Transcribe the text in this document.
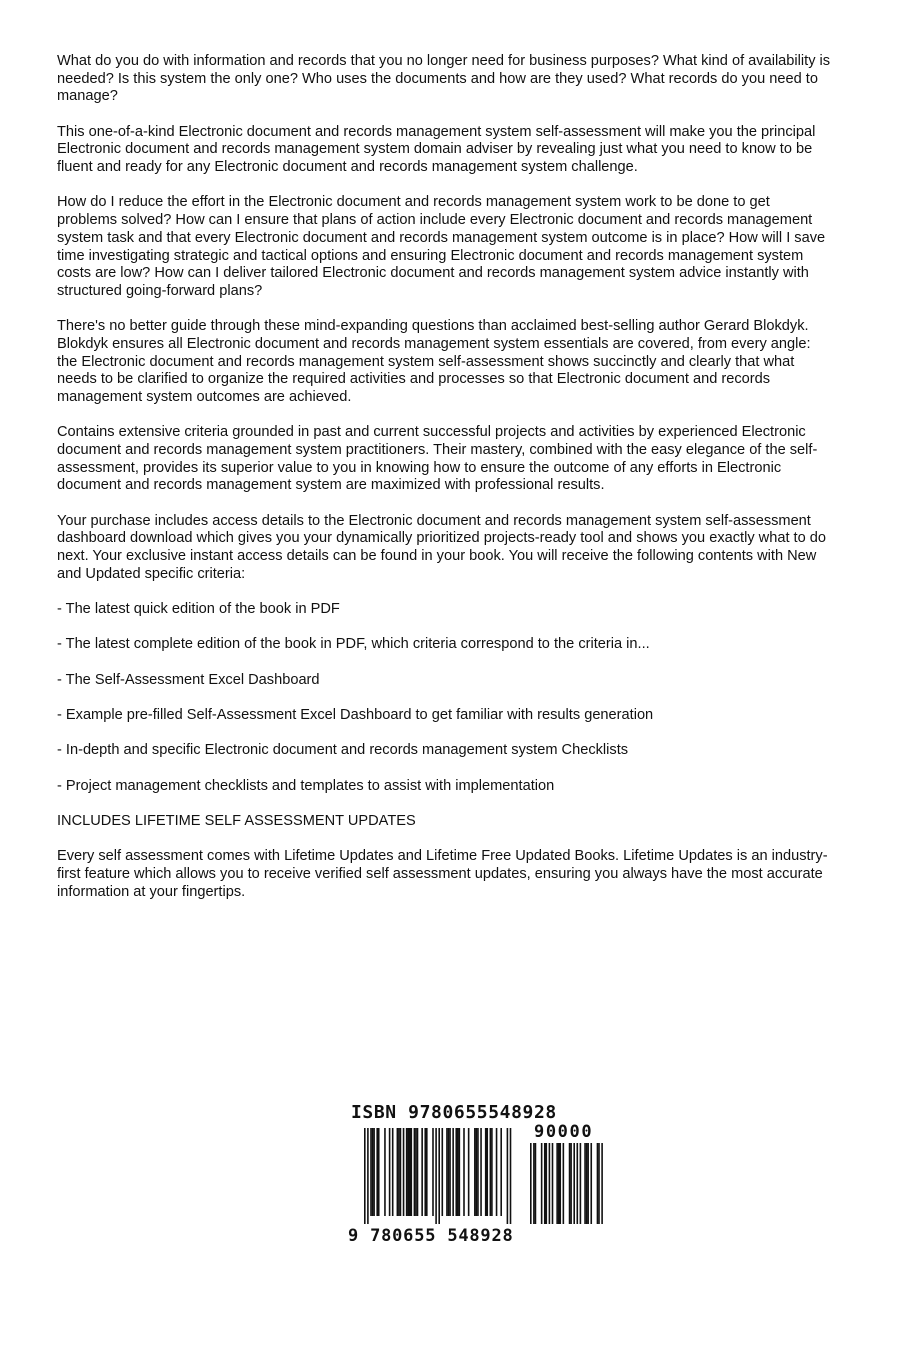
What do you do with information and records that you no longer need for business purposes? What kind of availability is needed? Is this system the only one? Who uses the documents and how are they used? What records do you need to manage?

This one-of-a-kind Electronic document and records management system self-assessment will make you the principal Electronic document and records management system domain adviser by revealing just what you need to know to be fluent and ready for any Electronic document and records management system challenge.

How do I reduce the effort in the Electronic document and records management system work to be done to get problems solved? How can I ensure that plans of action include every Electronic document and records management system task and that every Electronic document and records management system outcome is in place? How will I save time investigating strategic and tactical options and ensuring Electronic document and records management system costs are low? How can I deliver tailored Electronic document and records management system advice instantly with structured going-forward plans?

There's no better guide through these mind-expanding questions than acclaimed best-selling author Gerard Blokdyk. Blokdyk ensures all Electronic document and records management system essentials are covered, from every angle: the Electronic document and records management system self-assessment shows succinctly and clearly that what needs to be clarified to organize the required activities and processes so that Electronic document and records management system outcomes are achieved.

Contains extensive criteria grounded in past and current successful projects and activities by experienced Electronic document and records management system practitioners. Their mastery, combined with the easy elegance of the self-assessment, provides its superior value to you in knowing how to ensure the outcome of any efforts in Electronic document and records management system are maximized with professional results.

Your purchase includes access details to the Electronic document and records management system self-assessment dashboard download which gives you your dynamically prioritized projects-ready tool and shows you exactly what to do next. Your exclusive instant access details can be found in your book. You will receive the following contents with New and Updated specific criteria:

- The latest quick edition of the book in PDF

- The latest complete edition of the book in PDF, which criteria correspond to the criteria in...

- The Self-Assessment Excel Dashboard

- Example pre-filled Self-Assessment Excel Dashboard to get familiar with results generation

- In-depth and specific Electronic document and records management system Checklists

- Project management checklists and templates to assist with implementation

INCLUDES LIFETIME SELF ASSESSMENT UPDATES

Every self assessment comes with Lifetime Updates and Lifetime Free Updated Books. Lifetime Updates is an industry-first feature which allows you to receive verified self assessment updates, ensuring you always have the most accurate information at your fingertips.

ISBN 9780655548928
90000
9 780655 548928
